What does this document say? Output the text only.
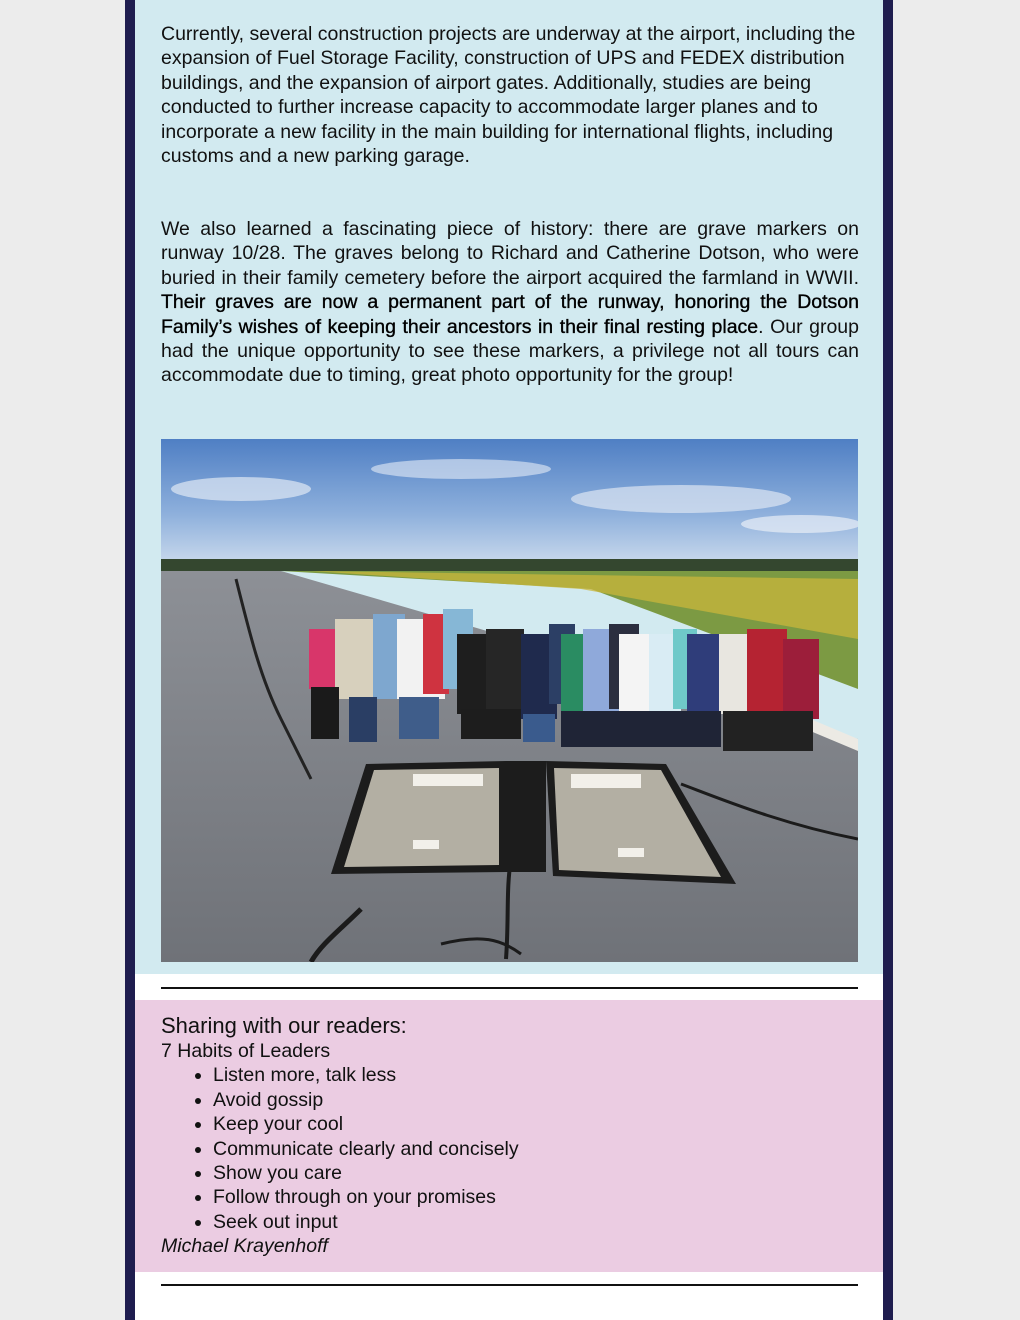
Currently, several construction projects are underway at the airport, including the expansion of Fuel Storage Facility, construction of UPS and FEDEX distribution buildings, and the expansion of airport gates. Additionally, studies are being conducted to further increase capacity to accommodate larger planes and to incorporate a new facility in the main building for international flights, including customs and a new parking garage.

We also learned a fascinating piece of history: there are grave markers on runway 10/28. The graves belong to Richard and Catherine Dotson, who were buried in their family cemetery before the airport acquired the farmland in WWII. Their graves are now a permanent part of the runway, honoring the Dotson Family’s wishes of keeping their ancestors in their final resting place. Our group had the unique opportunity to see these markers, a privilege not all tours can accommodate due to timing, great photo opportunity for the group!

Sharing with our readers:

7 Habits of Leaders

• Listen more, talk less
• Avoid gossip
• Keep your cool
• Communicate clearly and concisely
• Show you care
• Follow through on your promises
• Seek out input

Michael Krayenhoff
